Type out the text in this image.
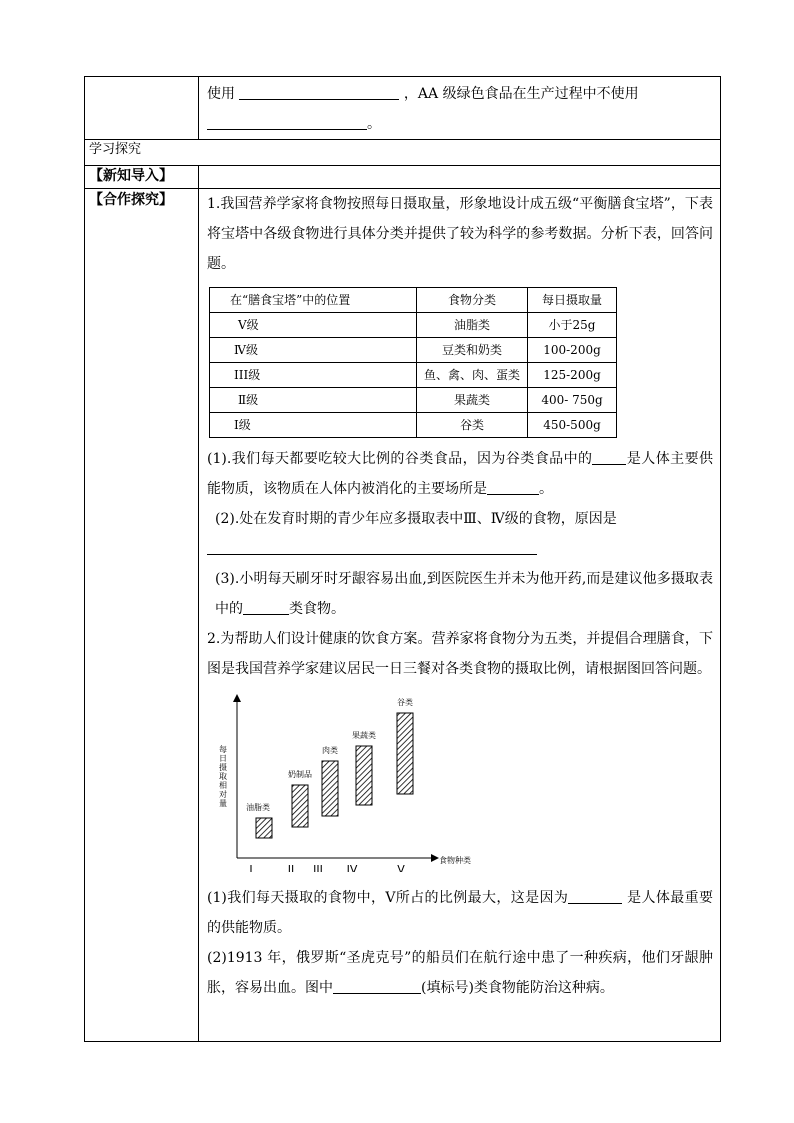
使用	，AA 级绿色食品在生产过程中不使用
。

学习探究

【新知导入】

【合作探究】	1.我国营养学家将食物按照每日摄取量，形象地设计成五级“平衡膳食宝塔”，下表将宝塔中各级食物进行具体分类并提供了较为科学的参考数据。分析下表，回答问题。
在“膳食宝塔”中的位置	食物分类	每日摄取量
Ⅴ级	油脂类	小于25g
Ⅳ级	豆类和奶类	100-200g
III级	鱼、禽、肉、蛋类	125-200g
Ⅱ级	果蔬类	400- 750g
I级	谷类	450-500g
(1).我们每天都要吃较大比例的谷类食品，因为谷类食品中的 是人体主要供能物质，该物质在人体内被消化的主要场所是	。
(2).处在发育时期的青少年应多摄取表中Ⅲ、Ⅳ级的食物，原因是

(3).小明每天刷牙时牙龈容易出血,到医院医生并未为他开药,而是建议他多摄取表中的	类食物。
2.为帮助人们设计健康的饮食方案。营养家将食物分为五类，并提倡合理膳食，下图是我国营养学家建议居民一日三餐对各类食物的摄取比例，请根据图回答问题。
每日摄取相对量
食物种类
油脂类
I
奶制品
II
肉类
III
果蔬类
IV
谷类
V
(1)我们每天摄取的食物中，Ⅴ所占的比例最大，这是因为	是人体最重要的供能物质。
(2)1913 年，俄罗斯“圣虎克号”的船员们在航行途中患了一种疾病，他们牙龈肿胀，容易出血。图中	(填标号)类食物能防治这种病。
